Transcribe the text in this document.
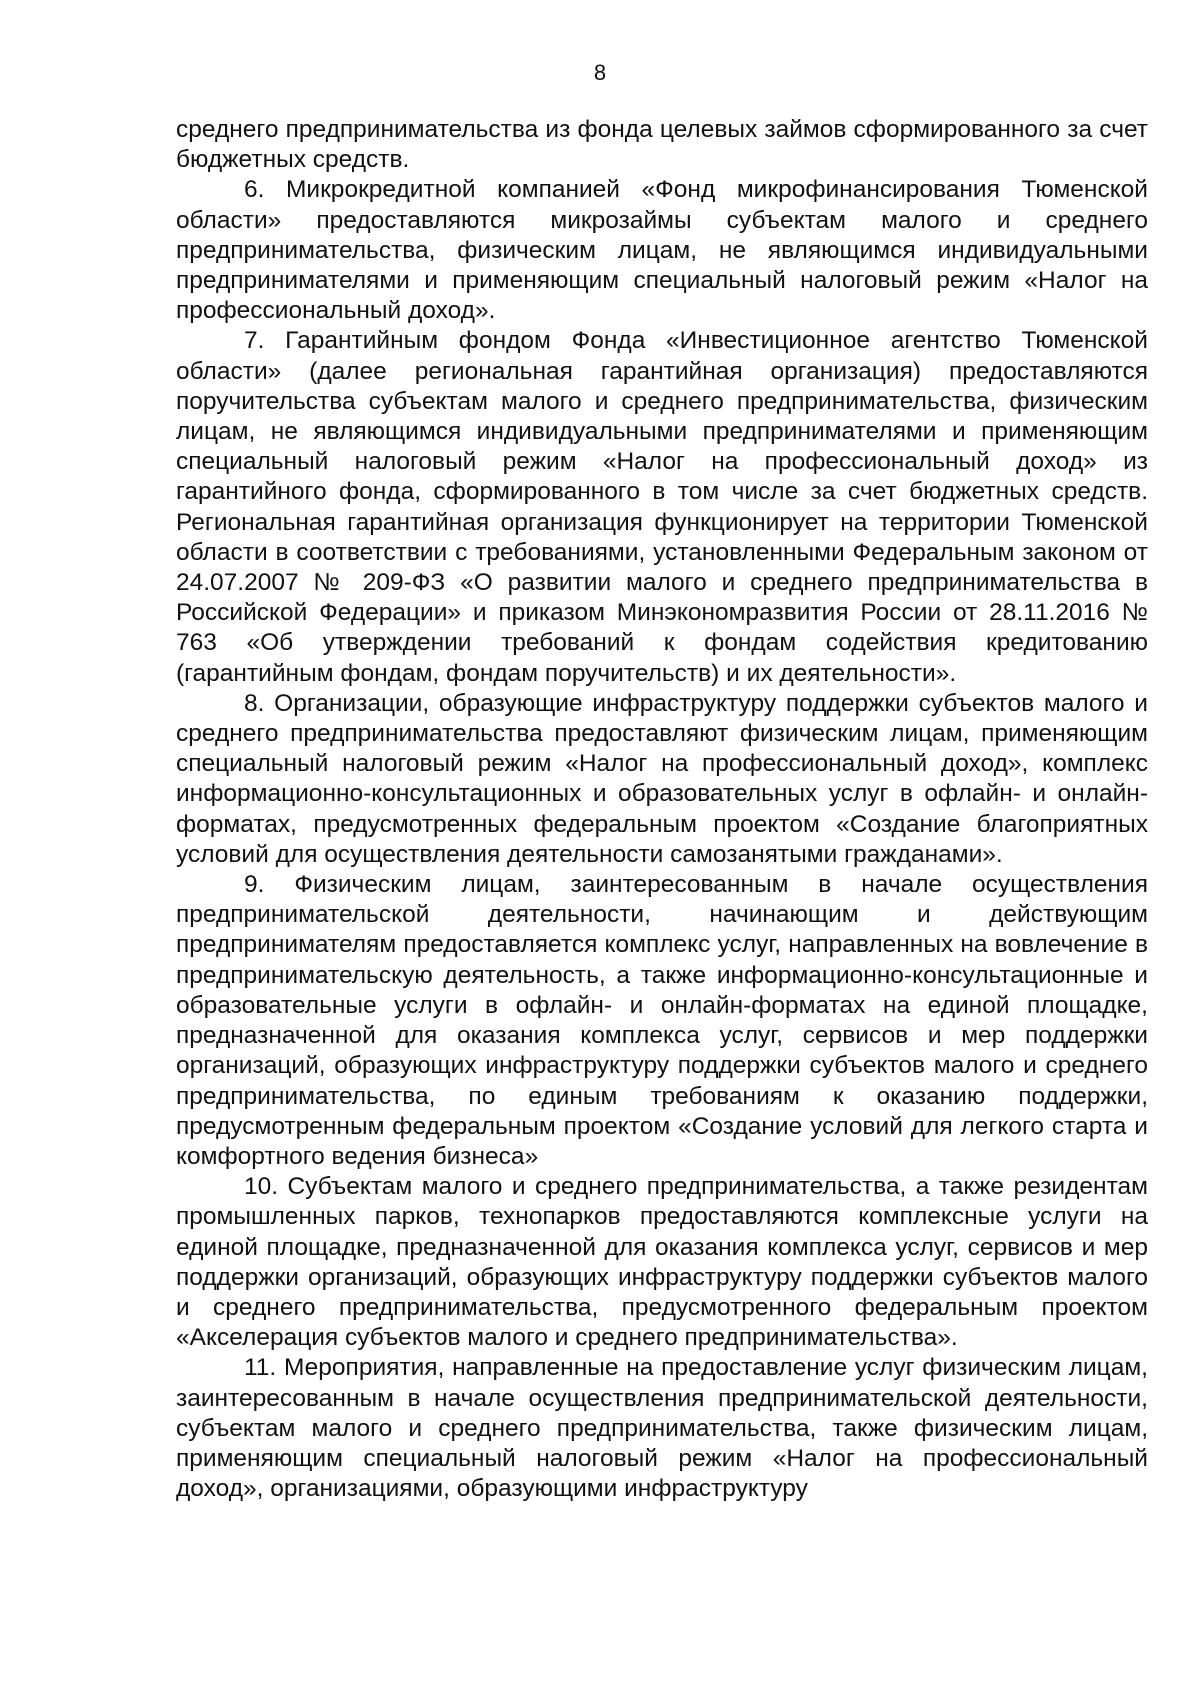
8

среднего предпринимательства из фонда целевых займов сформированного за счет бюджетных средств.

6. Микрокредитной компанией «Фонд микрофинансирования Тюменской области» предоставляются микрозаймы субъектам малого и среднего предпринимательства, физическим лицам, не являющимся индивидуальными предпринимателями и применяющим специальный налоговый режим «Налог на профессиональный доход».

7. Гарантийным фондом Фонда «Инвестиционное агентство Тюменской области» (далее региональная гарантийная организация) предоставляются поручительства субъектам малого и среднего предпринимательства, физическим лицам, не являющимся индивидуальными предпринимателями и применяющим специальный налоговый режим «Налог на профессиональный доход» из гарантийного фонда, сформированного в том числе за счет бюджетных средств. Региональная гарантийная организация функционирует на территории Тюменской области в соответствии с требованиями, установленными Федеральным законом от 24.07.2007 № 209-ФЗ «О развитии малого и среднего предпринимательства в Российской Федерации» и приказом Минэкономразвития России от 28.11.2016 № 763 «Об утверждении требований к фондам содействия кредитованию (гарантийным фондам, фондам поручительств) и их деятельности».

8. Организации, образующие инфраструктуру поддержки субъектов малого и среднего предпринимательства предоставляют физическим лицам, применяющим специальный налоговый режим «Налог на профессиональный доход», комплекс информационно-консультационных и образовательных услуг в офлайн- и онлайн-форматах, предусмотренных федеральным проектом «Создание благоприятных условий для осуществления деятельности самозанятыми гражданами».

9. Физическим лицам, заинтересованным в начале осуществления предпринимательской деятельности, начинающим и действующим предпринимателям предоставляется комплекс услуг, направленных на вовлечение в предпринимательскую деятельность, а также информационно-консультационные и образовательные услуги в офлайн- и онлайн-форматах на единой площадке, предназначенной для оказания комплекса услуг, сервисов и мер поддержки организаций, образующих инфраструктуру поддержки субъектов малого и среднего предпринимательства, по единым требованиям к оказанию поддержки, предусмотренным федеральным проектом «Создание условий для легкого старта и комфортного ведения бизнеса»

10. Субъектам малого и среднего предпринимательства, а также резидентам промышленных парков, технопарков предоставляются комплексные услуги на единой площадке, предназначенной для оказания комплекса услуг, сервисов и мер поддержки организаций, образующих инфраструктуру поддержки субъектов малого и среднего предпринимательства, предусмотренного федеральным проектом «Акселерация субъектов малого и среднего предпринимательства».

11. Мероприятия, направленные на предоставление услуг физическим лицам, заинтересованным в начале осуществления предпринимательской деятельности, субъектам малого и среднего предпринимательства, также физическим лицам, применяющим специальный налоговый режим «Налог на профессиональный доход», организациями, образующими инфраструктуру
